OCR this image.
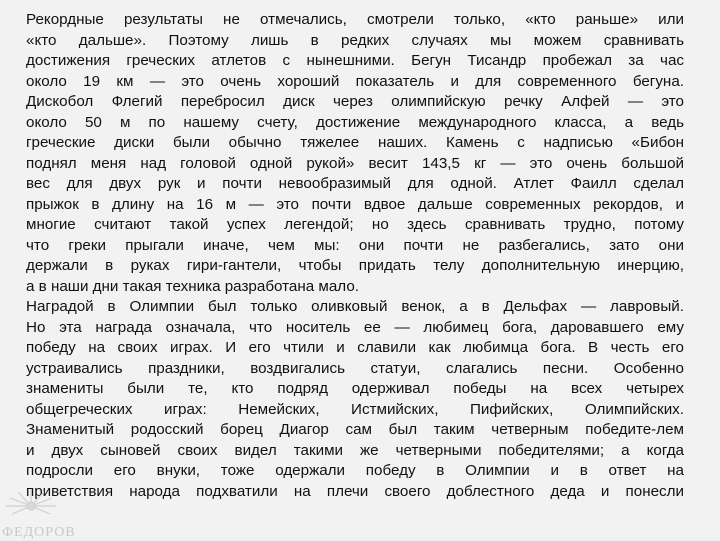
Рекордные результаты не отмечались, смотрели только, «кто раньше» или
«кто дальше». Поэтому лишь в редких случаях мы можем сравнивать
достижения греческих атлетов с нынешними. Бегун Тисандр пробежал за час
около 19 км — это очень хороший показатель и для современного бегуна.
Дискобол Флегий перебросил диск через олимпийскую речку Алфей — это
около 50 м по нашему счету, достижение международного класса, а ведь
греческие диски были обычно тяжелее наших. Камень с надписью «Бибон
поднял меня над головой одной рукой» весит 143,5 кг — это очень большой
вес для двух рук и почти невообразимый для одной. Атлет Фаилл сделал
прыжок в длину на 16 м — это почти вдвое дальше современных рекордов, и
многие считают такой успех легендой; но здесь сравнивать трудно, потому
что греки прыгали иначе, чем мы: они почти не разбегались, зато они
держали в руках гири-гантели, чтобы придать телу дополнительную инерцию,
а в наши дни такая техника разработана мало.
Наградой в Олимпии был только оливковый венок, а в Дельфах — лавровый.
Но эта награда означала, что носитель ее — любимец бога, даровавшего ему
победу на своих играх. И его чтили и славили как любимца бога. В честь его
устраивались праздники, воздвигались статуи, слагались песни. Особенно
знамениты были те, кто подряд одерживал победы на всех четырех
общегреческих играх: Немейских, Истмийских, Пифийских, Олимпийских.
Знаменитый родосский борец Диагор сам был таким четверным победите-лем
и двух сыновей своих видел такими же четверными победителями; а когда
подросли его внуки, тоже одержали победу в Олимпии и в ответ на
приветствия народа подхватили на плечи своего доблестного деда и понесли
ФЕДОРОВ
